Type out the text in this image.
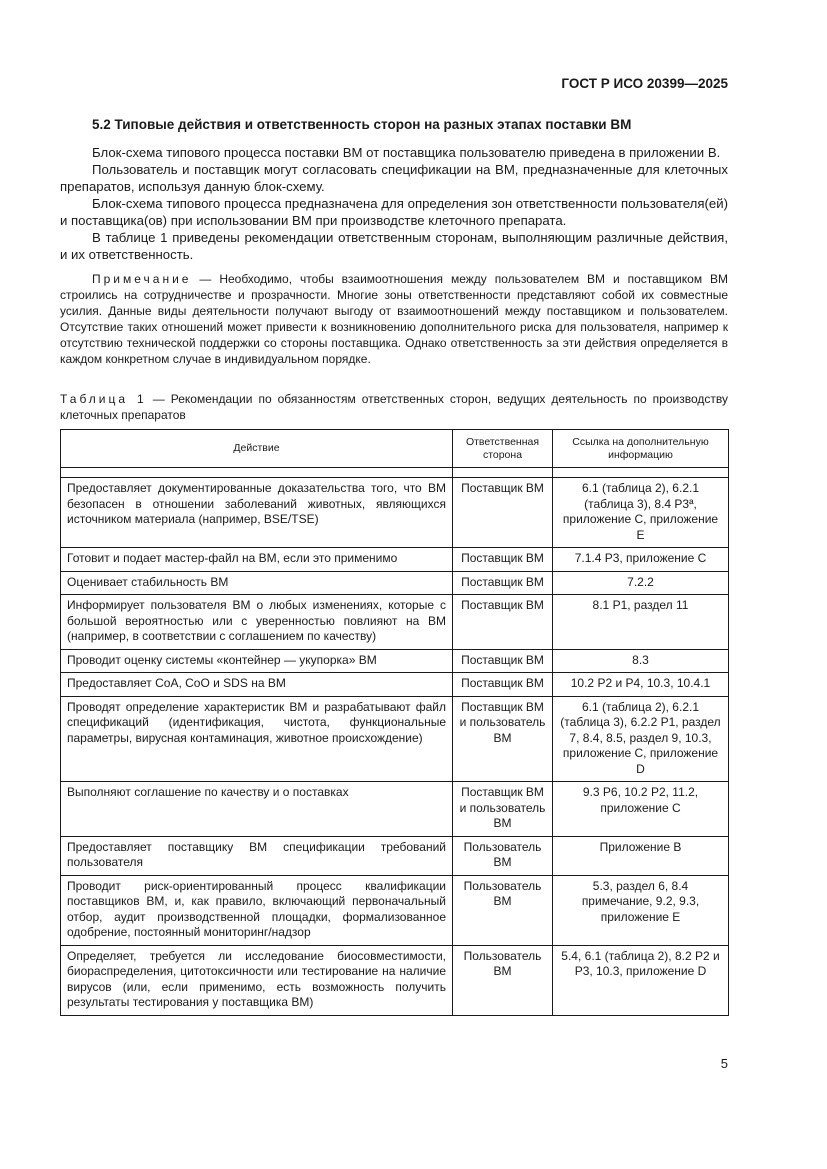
ГОСТ Р ИСО 20399—2025
5.2 Типовые действия и ответственность сторон на разных этапах поставки ВМ

Блок-схема типового процесса поставки ВМ от поставщика пользователю приведена в приложении В.

Пользователь и поставщик могут согласовать спецификации на ВМ, предназначенные для клеточных препаратов, используя данную блок-схему.

Блок-схема типового процесса предназначена для определения зон ответственности пользователя(ей) и поставщика(ов) при использовании ВМ при производстве клеточного препарата.

В таблице 1 приведены рекомендации ответственным сторонам, выполняющим различные действия, и их ответственность.

Примечание — Необходимо, чтобы взаимоотношения между пользователем ВМ и поставщиком ВМ строились на сотрудничестве и прозрачности. Многие зоны ответственности представляют собой их совместные усилия. Данные виды деятельности получают выгоду от взаимоотношений между поставщиком и пользователем. Отсутствие таких отношений может привести к возникновению дополнительного риска для пользователя, например к отсутствию технической поддержки со стороны поставщика. Однако ответственность за эти действия определяется в каждом конкретном случае в индивидуальном порядке.

Таблица 1 — Рекомендации по обязанностям ответственных сторон, ведущих деятельность по производству клеточных препаратов

Действие	Ответственная сторона	Ссылка на дополнительную информацию

Предоставляет документированные доказательства того, что ВМ безопасен в отношении заболеваний животных, являющихся источником материала (например, BSE/TSE)	Поставщик ВМ	6.1 (таблица 2), 6.2.1 (таблица 3), 8.4 Р3ª, приложение С, приложение Е
Готовит и подает мастер-файл на ВМ, если это применимо	Поставщик ВМ	7.1.4 Р3, приложение С
Оценивает стабильность ВМ	Поставщик ВМ	7.2.2
Информирует пользователя ВМ о любых изменениях, которые с большой вероятностью или с уверенностью повлияют на ВМ (например, в соответствии с соглашением по качеству)	Поставщик ВМ	8.1 Р1, раздел 11
Проводит оценку системы «контейнер — укупорка» ВМ	Поставщик ВМ	8.3
Предоставляет CoA, CoO и SDS на ВМ	Поставщик ВМ	10.2 Р2 и Р4, 10.3, 10.4.1
Проводят определение характеристик ВМ и разрабатывают файл спецификаций (идентификация, чистота, функциональные параметры, вирусная контаминация, животное происхождение)	Поставщик ВМ и пользователь ВМ	6.1 (таблица 2), 6.2.1 (таблица 3), 6.2.2 Р1, раздел 7, 8.4, 8.5, раздел 9, 10.3, приложение С, приложение D
Выполняют соглашение по качеству и о поставках	Поставщик ВМ и пользователь ВМ	9.3 Р6, 10.2 Р2, 11.2, приложение С
Предоставляет поставщику ВМ спецификации требований пользователя	Пользователь ВМ	Приложение В
Проводит риск-ориентированный процесс квалификации поставщиков ВМ, и, как правило, включающий первоначальный отбор, аудит производственной площадки, формализованное одобрение, постоянный мониторинг/надзор	Пользователь ВМ	5.3, раздел 6, 8.4 примечание, 9.2, 9.3, приложение Е
Определяет, требуется ли исследование биосовместимости, биораспределения, цитотоксичности или тестирование на наличие вирусов (или, если применимо, есть возможность получить результаты тестирования у поставщика ВМ)	Пользователь ВМ	5.4, 6.1 (таблица 2), 8.2 Р2 и Р3, 10.3, приложение D
5
